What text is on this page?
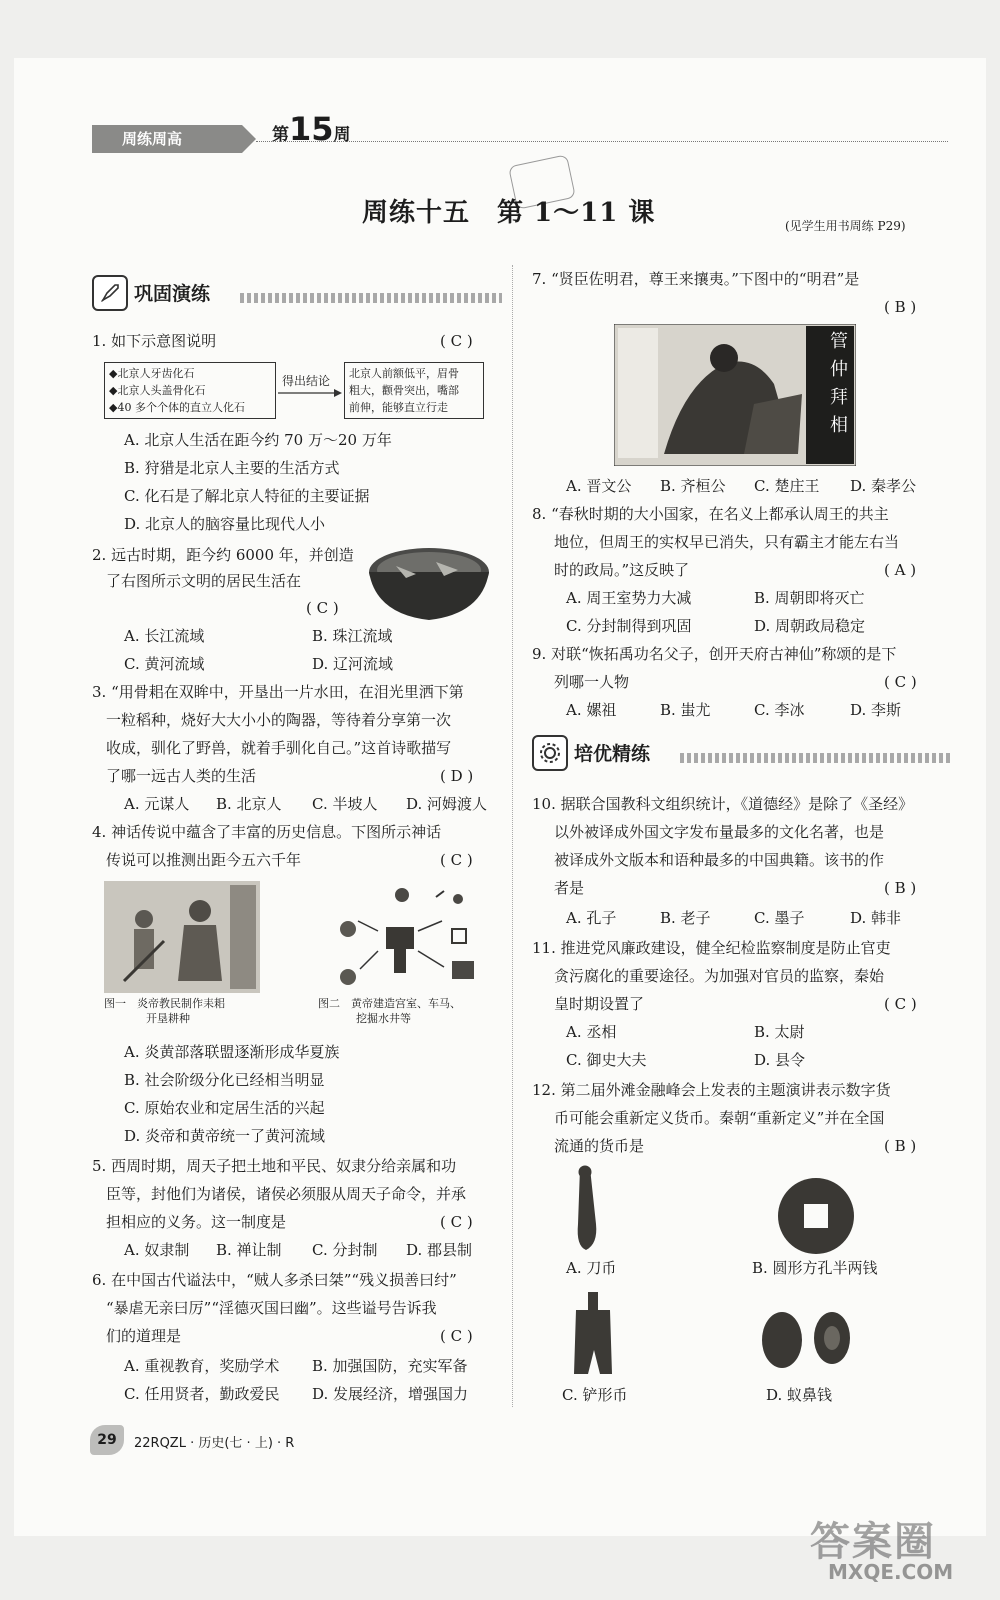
周练周高	第15周
周练十五　第 1～11 课	(见学生用书周练 P29)
巩固演练
1. 如下示意图说明	( C )
◆北京人牙齿化石
◆北京人头盖骨化石
◆40 多个个体的直立人化石
得出结论
北京人前额低平，眉骨
粗大，颧骨突出，嘴部
前伸，能够直立行走
A. 北京人生活在距今约 70 万～20 万年
B. 狩猎是北京人主要的生活方式
C. 化石是了解北京人特征的主要证据
D. 北京人的脑容量比现代人小
2. 远古时期，距今约 6000 年，并创造
了右图所示文明的居民生活在
( C )
A. 长江流域	B. 珠江流域
C. 黄河流域	D. 辽河流域
3. “用骨耜在双眸中，开垦出一片水田，在泪光里洒下第
一粒稻种，烧好大大小小的陶器，等待着分享第一次
收成，驯化了野兽，就着手驯化自己。”这首诗歌描写
了哪一远古人类的生活	( D )
A. 元谋人 B. 北京人 C. 半坡人 D. 河姆渡人
4. 神话传说中蕴含了丰富的历史信息。下图所示神话
传说可以推测出距今五六千年	( C )
图一　炎帝教民制作耒耜
开垦耕种
图二　黄帝建造宫室、车马、
挖掘水井等
A. 炎黄部落联盟逐渐形成华夏族
B. 社会阶级分化已经相当明显
C. 原始农业和定居生活的兴起
D. 炎帝和黄帝统一了黄河流域
5. 西周时期，周天子把土地和平民、奴隶分给亲属和功
臣等，封他们为诸侯，诸侯必须服从周天子命令，并承
担相应的义务。这一制度是	( C )
A. 奴隶制 B. 禅让制 C. 分封制 D. 郡县制
6. 在中国古代谥法中，“贼人多杀曰桀”“残义损善曰纣”
“暴虐无亲曰厉”“淫德灭国曰幽”。这些谥号告诉我
们的道理是	( C )
A. 重视教育，奖励学术 B. 加强国防，充实军备
C. 任用贤者，勤政爱民 D. 发展经济，增强国力
7. “贤臣佐明君，尊王来攘夷。”下图中的“明君”是
( B )
管
仲
拜
相
A. 晋文公 B. 齐桓公 C. 楚庄王 D. 秦孝公
8. “春秋时期的大小国家，在名义上都承认周王的共主
地位，但周王的实权早已消失，只有霸主才能左右当
时的政局。”这反映了	( A )
A. 周王室势力大减	B. 周朝即将灭亡
C. 分封制得到巩固	D. 周朝政局稳定
9. 对联“恢拓禹功名父子，创开天府古神仙”称颂的是下
列哪一人物	( C )
A. 嫘祖	B. 蚩尤	C. 李冰	D. 李斯
培优精练
10. 据联合国教科文组织统计，《道德经》是除了《圣经》
以外被译成外国文字发布量最多的文化名著，也是
被译成外文版本和语种最多的中国典籍。该书的作
者是	( B )
A. 孔子	B. 老子	C. 墨子	D. 韩非
11. 推进党风廉政建设，健全纪检监察制度是防止官吏
贪污腐化的重要途径。为加强对官员的监察，秦始
皇时期设置了	( C )
A. 丞相	B. 太尉
C. 御史大夫	D. 县令
12. 第二届外滩金融峰会上发表的主题演讲表示数字货
币可能会重新定义货币。秦朝“重新定义”并在全国
流通的货币是	( B )
A. 刀币	B. 圆形方孔半两钱
C. 铲形币	D. 蚁鼻钱
29	22RQZL · 历史(七 · 上) · R
答案圈
MXQE.COM
